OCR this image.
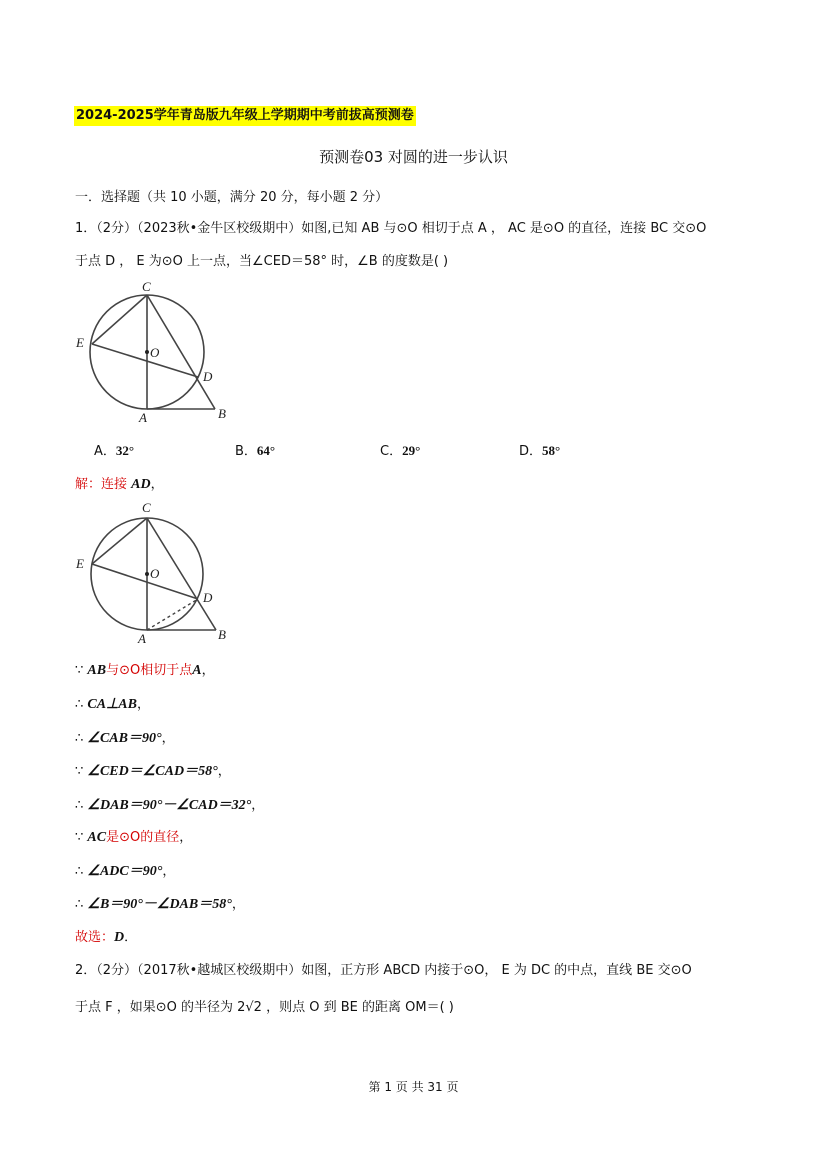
2024-2025学年青岛版九年级上学期期中考前拔高预测卷
预测卷03 对圆的进一步认识
一．选择题（共 10 小题，满分 20 分，每小题 2 分）
1．（2分）（2023秋•金牛区校级期中）如图,已知 AB 与⊙O 相切于点 A ， AC 是⊙O 的直径，连接 BC 交⊙O
于点 D ， E 为⊙O 上一点，当∠CED＝58° 时，∠B 的度数是( )
C
E
O
D
A	B
A．32°	B．64°	C．29°	D．58°
解：连接 AD，
C
E
O
D
A	B
∵ AB与⊙O相切于点A，
∴ CA⊥AB，
∴ ∠CAB＝90°，
∵ ∠CED＝∠CAD＝58°，
∴ ∠DAB＝90°－∠CAD＝32°，
∵ AC是⊙O的直径，
∴ ∠ADC＝90°，
∴ ∠B＝90°－∠DAB＝58°，
故选：D．
2．（2分）（2017秋•越城区校级期中）如图，正方形 ABCD 内接于⊙O， E 为 DC 的中点，直线 BE 交⊙O
于点 F ，如果⊙O 的半径为 2√2 ，则点 O 到 BE 的距离 OM＝( )
第 1 页 共 31 页
